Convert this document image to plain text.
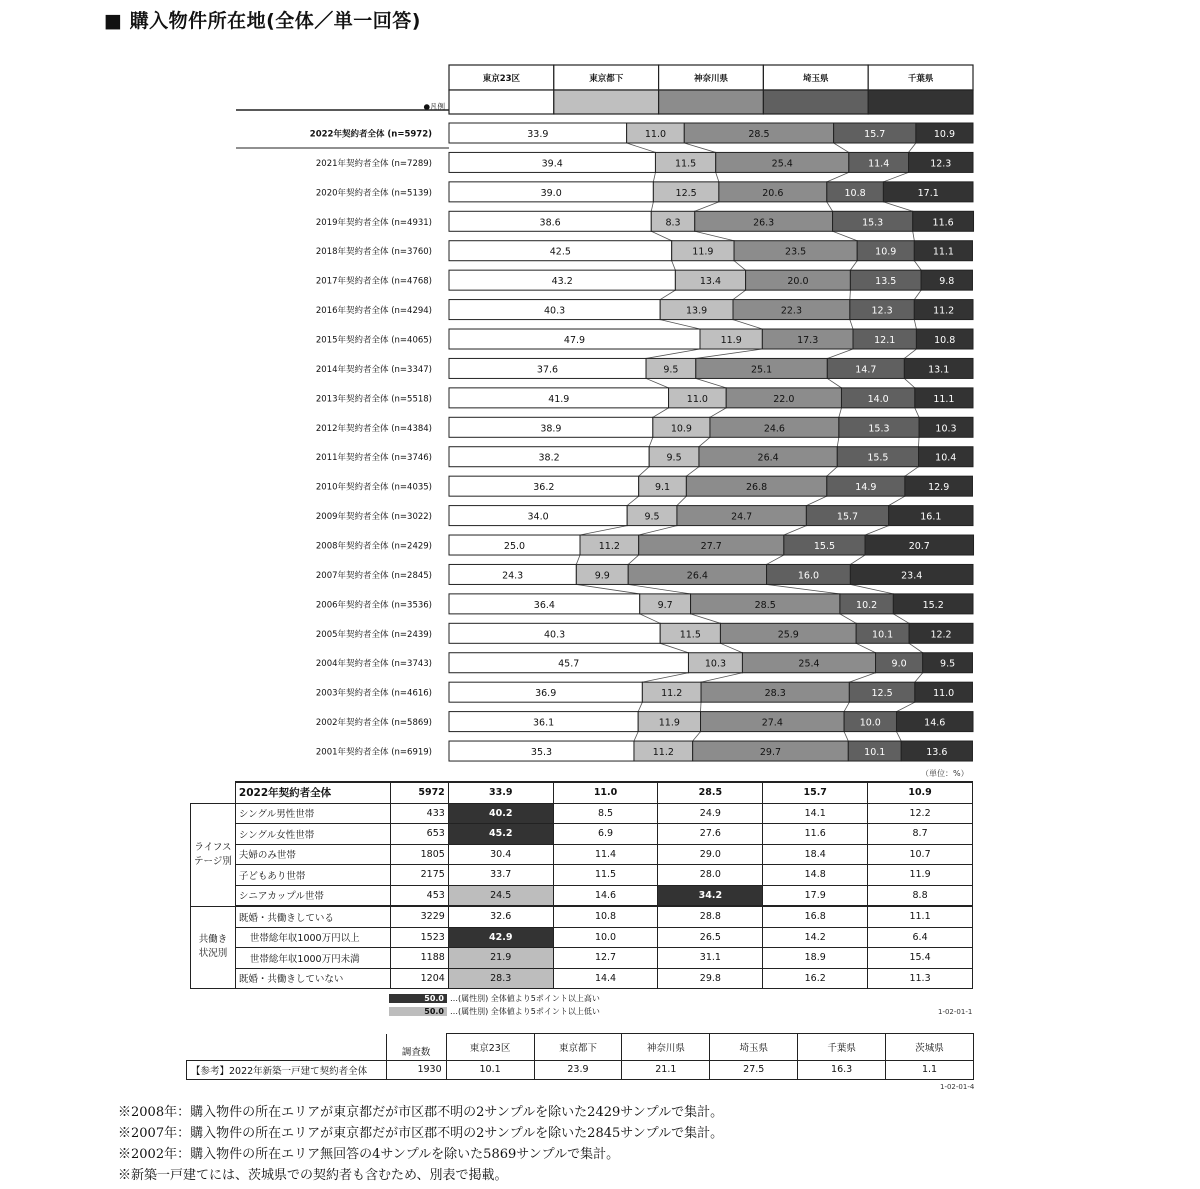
■ 購入物件所在地(全体／単一回答)
東京23区	東京都下	神奈川県	埼玉県	千葉県
●凡例
2022年契約者全体 (n=5972)	33.9	11.0	28.5	15.7	10.9
2021年契約者全体 (n=7289)	39.4	11.5	25.4	11.4	12.3
2020年契約者全体 (n=5139)	39.0	12.5	20.6	10.8	17.1
2019年契約者全体 (n=4931)	38.6	8.3	26.3	15.3	11.6
2018年契約者全体 (n=3760)	42.5	11.9	23.5	10.9	11.1
2017年契約者全体 (n=4768)	43.2	13.4	20.0	13.5	9.8
2016年契約者全体 (n=4294)	40.3	13.9	22.3	12.3	11.2
2015年契約者全体 (n=4065)	47.9	11.9	17.3	12.1	10.8
2014年契約者全体 (n=3347)	37.6	9.5	25.1	14.7	13.1
2013年契約者全体 (n=5518)	41.9	11.0	22.0	14.0	11.1
2012年契約者全体 (n=4384)	38.9	10.9	24.6	15.3	10.3
2011年契約者全体 (n=3746)	38.2	9.5	26.4	15.5	10.4
2010年契約者全体 (n=4035)	36.2	9.1	26.8	14.9	12.9
2009年契約者全体 (n=3022)	34.0	9.5	24.7	15.7	16.1
2008年契約者全体 (n=2429)	25.0	11.2	27.7	15.5	20.7
2007年契約者全体 (n=2845)	24.3	9.9	26.4	16.0	23.4
2006年契約者全体 (n=3536)	36.4	9.7	28.5	10.2	15.2
2005年契約者全体 (n=2439)	40.3	11.5	25.9	10.1	12.2
2004年契約者全体 (n=3743)	45.7	10.3	25.4	9.0	9.5
2003年契約者全体 (n=4616)	36.9	11.2	28.3	12.5	11.0
2002年契約者全体 (n=5869)	36.1	11.9	27.4	10.0	14.6
2001年契約者全体 (n=6919)	35.3	11.2	29.7	10.1	13.6
（単位：%）
	2022年契約者全体	5972	33.9	11.0	28.5	15.7	10.9
ライフステージ別	シングル男性世帯	433	40.2	8.5	24.9	14.1	12.2
	シングル女性世帯	653	45.2	6.9	27.6	11.6	8.7
	夫婦のみ世帯	1805	30.4	11.4	29.0	18.4	10.7
	子どもあり世帯	2175	33.7	11.5	28.0	14.8	11.9
	シニアカップル世帯	453	24.5	14.6	34.2	17.9	8.8
共働き状況別	既婚・共働きしている	3229	32.6	10.8	28.8	16.8	11.1
	世帯総年収1000万円以上	1523	42.9	10.0	26.5	14.2	6.4
	世帯総年収1000万円未満	1188	21.9	12.7	31.1	18.9	15.4
	既婚・共働きしていない	1204	28.3	14.4	29.8	16.2	11.3
50.0 …(属性別) 全体値より5ポイント以上高い
50.0 …(属性別) 全体値より5ポイント以上低い	1-02-01-1
	調査数	東京23区	東京都下	神奈川県	埼玉県	千葉県	茨城県
【参考】2022年新築一戸建て契約者全体	1930	10.1	23.9	21.1	27.5	16.3	1.1
1-02-01-4
※2008年：購入物件の所在エリアが東京都だが市区郡不明の2サンプルを除いた2429サンプルで集計。
※2007年：購入物件の所在エリアが東京都だが市区郡不明の2サンプルを除いた2845サンプルで集計。
※2002年：購入物件の所在エリア無回答の4サンプルを除いた5869サンプルで集計。
※新築一戸建てには、茨城県での契約者も含むため、別表で掲載。
